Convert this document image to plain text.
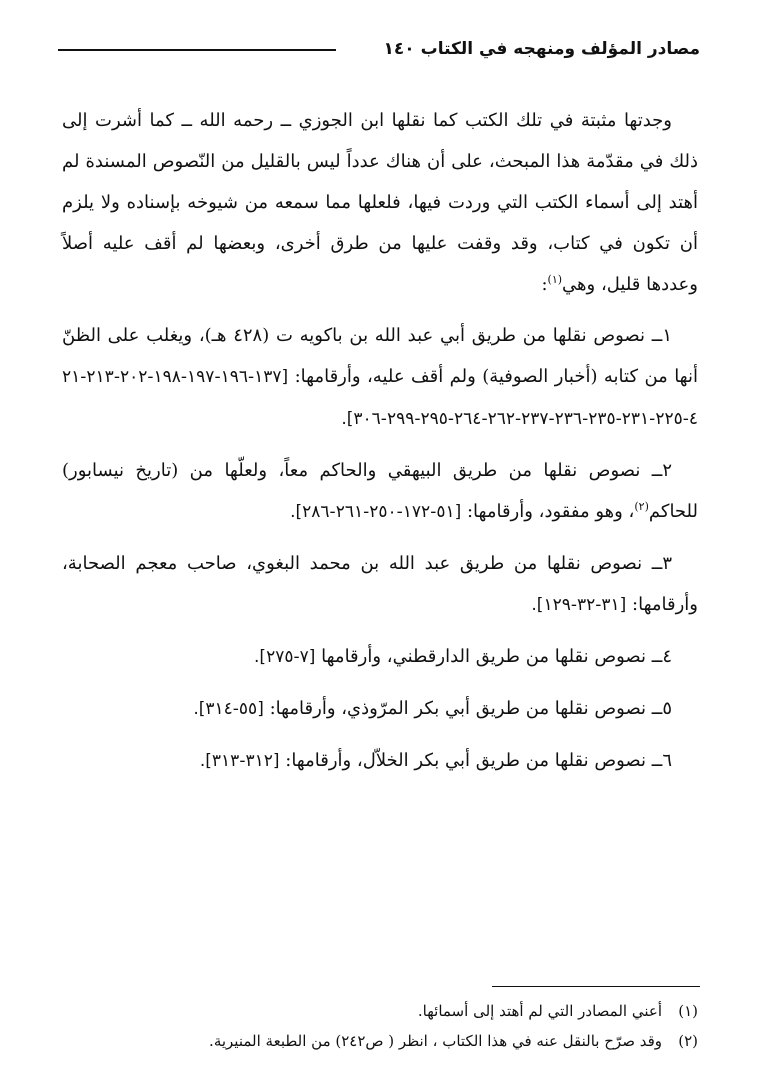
مصادر المؤلف ومنهجه في الكتاب ١٤٠

وجدتها مثبتة في تلك الكتب كما نقلها ابن الجوزي ــ رحمه الله ــ كما أشرت إلى ذلك في مقدّمة هذا المبحث، على أن هناك عدداً ليس بالقليل من النّصوص المسندة لم أهتد إلى أسماء الكتب التي وردت فيها، فلعلها مما سمعه من شيوخه بإسناده ولا يلزم أن تكون في كتاب، وقد وقفت عليها من طرق أخرى، وبعضها لم أقف عليه أصلاً وعددها قليل، وهي$^{(١)}$:

١ــ نصوص نقلها من طريق أبي عبد الله بن باكويه ت (٤٢٨ هـ)، ويغلب على الظنّ أنها من كتابه (أخبار الصوفية) ولم أقف عليه، وأرقامها: [١٣٧-١٩٦-١٩٧-١٩٨-٢٠٢-٢١٣-٢١٤-٢٢٥-٢٣١-٢٣٥-٢٣٦-٢٣٧-٢٦٢-٢٦٤-٢٩٥-٢٩٩-٣٠٦].

٢ــ نصوص نقلها من طريق البيهقي والحاكم معاً، ولعلّها من (تاريخ نيسابور) للحاكم$^{(٢)}$، وهو مفقود، وأرقامها: [٥١-١٧٢-٢٥٠-٢٦١-٢٨٦].

٣ــ نصوص نقلها من طريق عبد الله بن محمد البغوي، صاحب معجم الصحابة، وأرقامها: [٣١-٣٢-١٢٩].

٤ــ نصوص نقلها من طريق الدارقطني، وأرقامها [٧-٢٧٥].

٥ــ نصوص نقلها من طريق أبي بكر المرّوذي، وأرقامها: [٥٥-٣١٤].

٦ــ نصوص نقلها من طريق أبي بكر الخلاّل، وأرقامها: [٣١٢-٣١٣].

(١)أعني المصادر التي لم أهتد إلى أسمائها.

(٢)وقد صرّح بالنقل عنه في هذا الكتاب ، انظر ( ص٢٤٢) من الطبعة المنيرية.
